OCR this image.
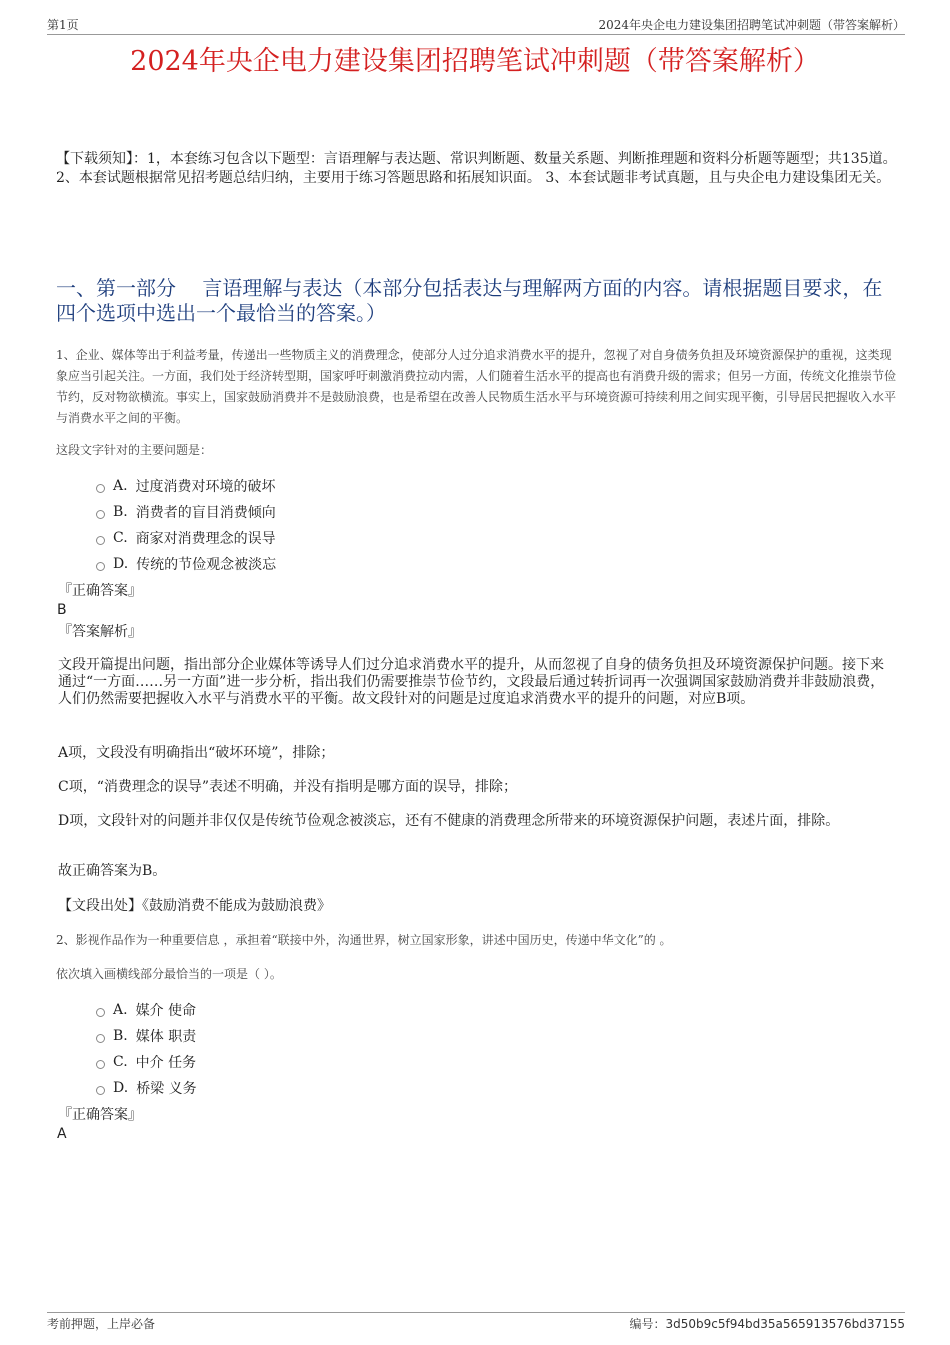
第1页	2024年央企电力建设集团招聘笔试冲刺题（带答案解析）
2024年央企电力建设集团招聘笔试冲刺题（带答案解析）
【下载须知】：1，本套练习包含以下题型：言语理解与表达题、常识判断题、数量关系题、判断推理题和资料分析题等题型；共135道。 2、本套试题根据常见招考题总结归纳，主要用于练习答题思路和拓展知识面。 3、本套试题非考试真题，且与央企电力建设集团无关。
一、第一部分　 言语理解与表达（本部分包括表达与理解两方面的内容。请根据题目要求，在四个选项中选出一个最恰当的答案。）
1、企业、媒体等出于利益考量，传递出一些物质主义的消费理念，使部分人过分追求消费水平的提升，忽视了对自身债务负担及环境资源保护的重视，这类现象应当引起关注。一方面，我们处于经济转型期，国家呼吁刺激消费拉动内需，人们随着生活水平的提高也有消费升级的需求；但另一方面，传统文化推崇节俭节约，反对物欲横流。事实上，国家鼓励消费并不是鼓励浪费，也是希望在改善人民物质生活水平与环境资源可持续利用之间实现平衡，引导居民把握收入水平与消费水平之间的平衡。
这段文字针对的主要问题是：
A. 过度消费对环境的破坏
B. 消费者的盲目消费倾向
C. 商家对消费理念的误导
D. 传统的节俭观念被淡忘
『正确答案』
B
『答案解析』
文段开篇提出问题，指出部分企业媒体等诱导人们过分追求消费水平的提升，从而忽视了自身的债务负担及环境资源保护问题。接下来通过“一方面……另一方面”进一步分析，指出我们仍需要推崇节俭节约，文段最后通过转折词再一次强调国家鼓励消费并非鼓励浪费，人们仍然需要把握收入水平与消费水平的平衡。故文段针对的问题是过度追求消费水平的提升的问题，对应B项。
A项，文段没有明确指出“破坏环境”，排除；
C项，“消费理念的误导”表述不明确，并没有指明是哪方面的误导，排除；
D项，文段针对的问题并非仅仅是传统节俭观念被淡忘，还有不健康的消费理念所带来的环境资源保护问题，表述片面，排除。
故正确答案为B。
【文段出处】《鼓励消费不能成为鼓励浪费》
2、影视作品作为一种重要信息 ，承担着“联接中外，沟通世界，树立国家形象，讲述中国历史，传递中华文化”的 。
依次填入画横线部分最恰当的一项是（ ）。
A. 媒介 使命
B. 媒体 职责
C. 中介 任务
D. 桥梁 义务
『正确答案』
A
考前押题，上岸必备	编号：3d50b9c5f94bd35a565913576bd37155
